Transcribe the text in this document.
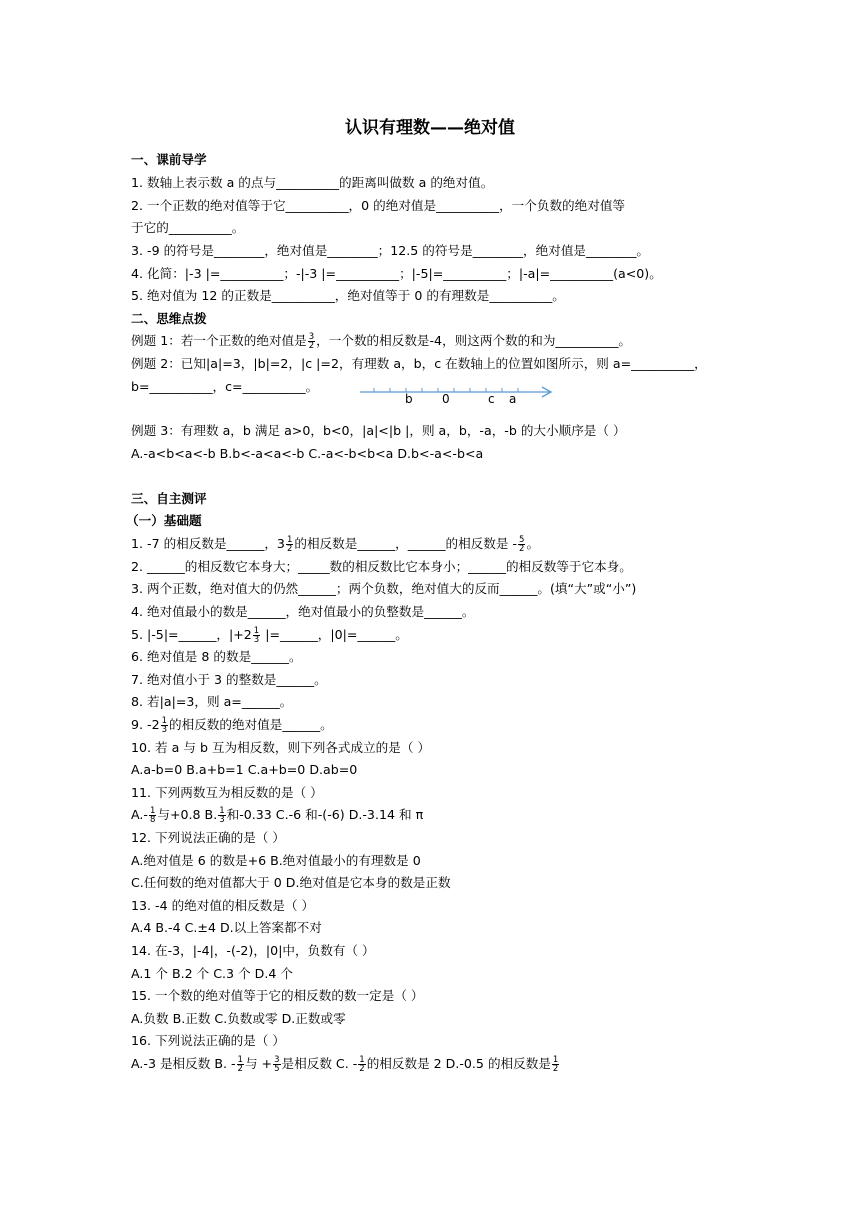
认识有理数——绝对值
一、课前导学
1. 数轴上表示数 a 的点与__________的距离叫做数 a 的绝对值。
2. 一个正数的绝对值等于它__________，0 的绝对值是__________，一个负数的绝对值等
于它的__________。
3. -9 的符号是________，绝对值是________；12.5 的符号是________，绝对值是________。
4. 化简：|-3 |=__________；-|-3 |=__________；|-5|=__________；|-a|=__________(a<0)。
5. 绝对值为 12 的正数是__________，绝对值等于 0 的有理数是__________。
二、思维点拨
例题 1：若一个正数的绝对值是 $\frac{3}{2}$ ，一个数的相反数是-4，则这两个数的和为__________。
例题 2：已知|a|=3，|b|=2，|c |=2，有理数 a，b，c 在数轴上的位置如图所示，则 a=__________，
b=__________，c=__________。
b 0	c a
例题 3：有理数 a，b 满足 a>0，b<0，|a|<|b |，则 a，b，-a，-b 的大小顺序是（ ）
A.-a<b<a<-b B.b<-a<a<-b C.-a<-b<b<a D.b<-a<-b<a
三、自主测评
（一）基础题
1. -7 的相反数是______，$3 \frac{1}{2}$ 的相反数是______，______的相反数是 - $\frac{5}{2}$ 。
2. ______的相反数它本身大；_____数的相反数比它本身小；______的相反数等于它本身。
3. 两个正数，绝对值大的仍然______；两个负数，绝对值大的反而______。(填“大”或“小”)
4. 绝对值最小的数是______，绝对值最小的负整数是______。
5. |-5|=______，$|+2 \frac{1}{3}$ |=______，|0|=______。
6. 绝对值是 8 的数是______。
7. 绝对值小于 3 的整数是______。
8. 若|a|=3，则 a=______。
9. $-2 \frac{1}{3}$ 的相反数的绝对值是______。
10. 若 a 与 b 互为相反数，则下列各式成立的是（ ）
A.a-b=0 B.a+b=1 C.a+b=0 D.ab=0
11. 下列两数互为相反数的是（ ）
$A.- \frac{1}{8}$ 与+0.8 B. $\frac{1}{3}$ 和-0.33 C.-6 和-(-6) D.-3.14 和 π
12. 下列说法正确的是（ ）
A.绝对值是 6 的数是+6 B.绝对值最小的有理数是 0
C.任何数的绝对值都大于 0 D.绝对值是它本身的数是正数
13. -4 的绝对值的相反数是（ ）
A.4 B.-4 C.±4 D.以上答案都不对
14. 在-3，|-4|，-(-2)，|0|中，负数有（ ）
A.1 个 B.2 个 C.3 个 D.4 个
15. 一个数的绝对值等于它的相反数的数一定是（ ）
A.负数 B.正数 C.负数或零 D.正数或零
16. 下列说法正确的是（ ）
A.-3 是相反数 B. - $\frac{1}{2}$ 与 + $\frac{3}{5}$ 是相反数 C. - $\frac{1}{2}$ 的相反数是 2 D.-0.5 的相反数是 $\frac{1}{2}$
